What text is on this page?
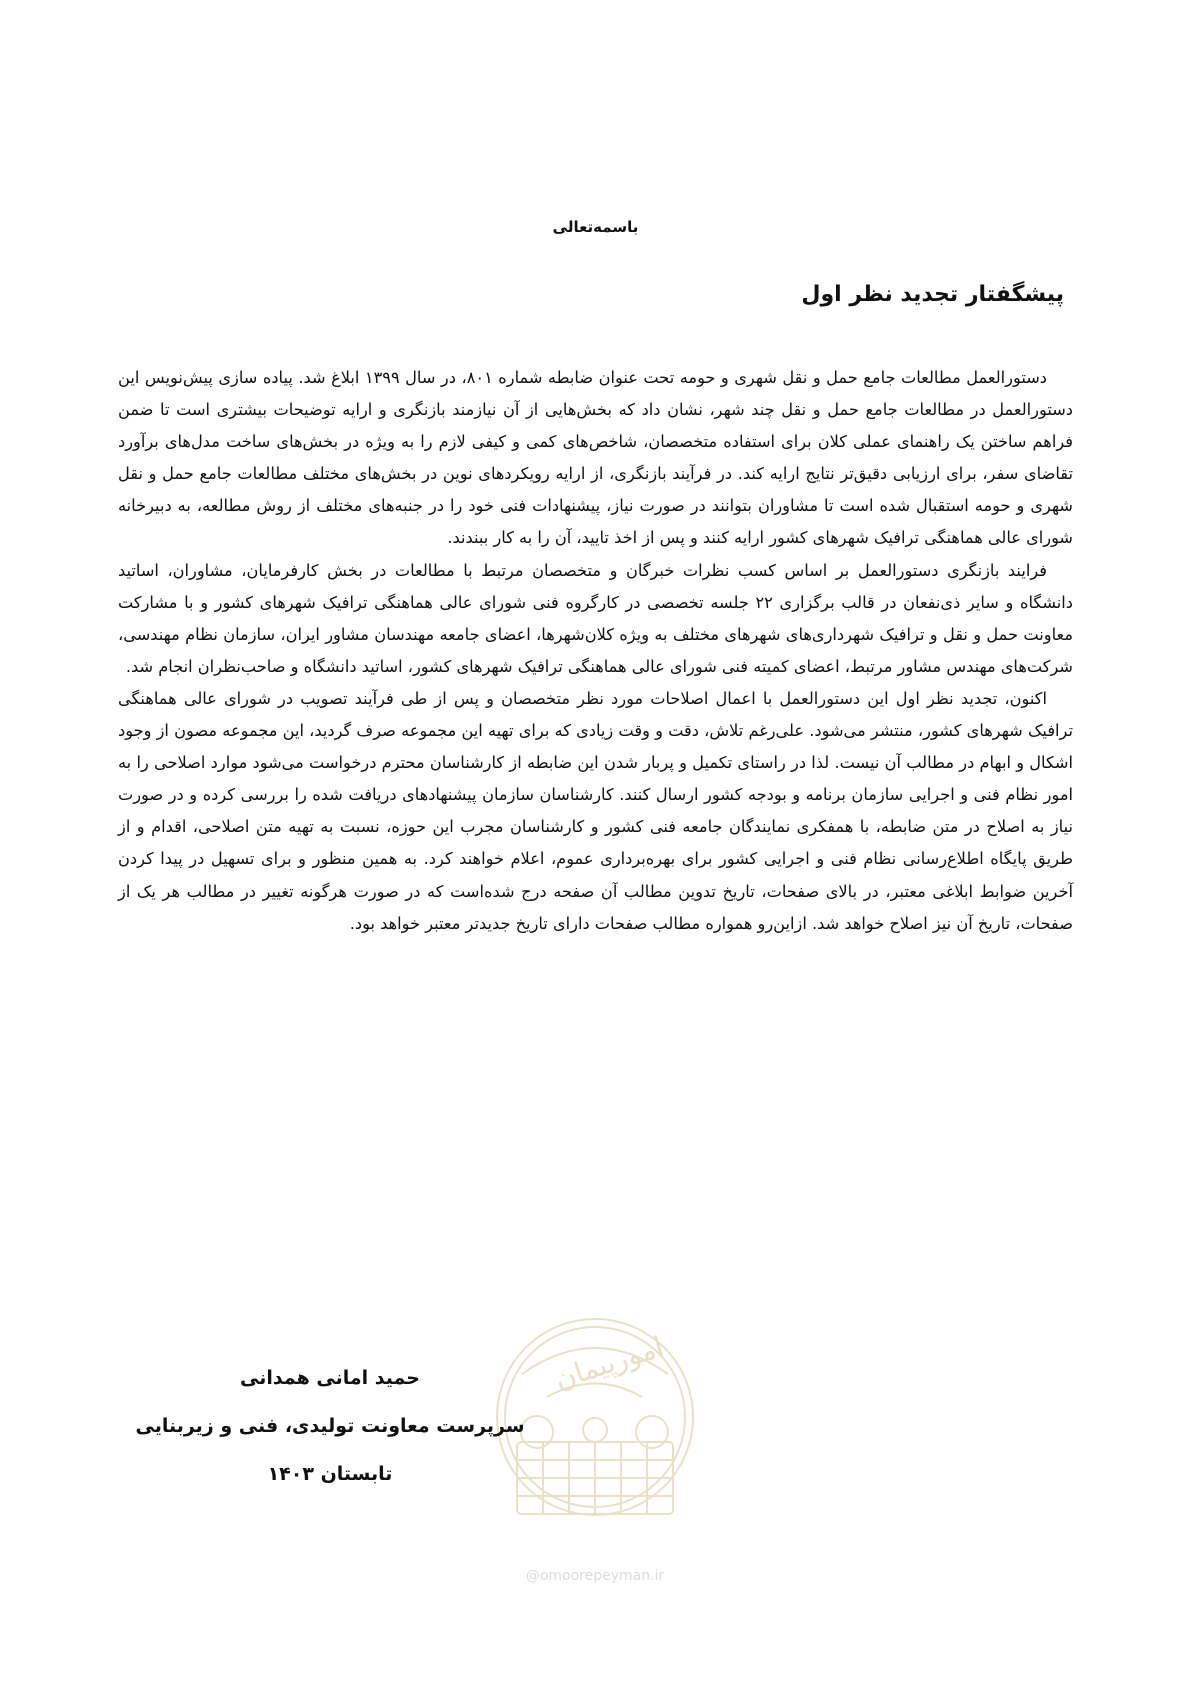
باسمه‌تعالی
پیشگفتار تجدید نظر اول

دستورالعمل مطالعات جامع حمل و نقل شهری و حومه تحت عنوان ضابطه شماره ۸۰۱، در سال ۱۳۹۹ ابلاغ شد. پیاده سازی پیش‌نویس این دستورالعمل در مطالعات جامع حمل و نقل چند شهر، نشان داد که بخش‌هایی از آن نیازمند بازنگری و ارایه توضیحات بیشتری است تا ضمن فراهم ساختن یک راهنمای عملی کلان برای استفاده متخصصان، شاخص‌های کمی و کیفی لازم را به ویژه در بخش‌های ساخت مدل‌های برآورد تقاضای سفر، برای ارزیابی دقیق‌تر نتایج ارایه کند. در فرآیند بازنگری، از ارایه رویکردهای نوین در بخش‌های مختلف مطالعات جامع حمل و نقل شهری و حومه استقبال شده است تا مشاوران بتوانند در صورت نیاز، پیشنهادات فنی خود را در جنبه‌های مختلف از روش مطالعه، به دبیرخانه شورای عالی هماهنگی ترافیک شهرهای کشور ارایه کنند و پس از اخذ تایید، آن را به کار ببندند.

فرایند بازنگری دستورالعمل بر اساس کسب نظرات خبرگان و متخصصان مرتبط با مطالعات در بخش کارفرمایان، مشاوران، اساتید دانشگاه و سایر ذی‌نفعان در قالب برگزاری ۲۲ جلسه تخصصی در کارگروه فنی شورای عالی هماهنگی ترافیک شهرهای کشور و با مشارکت معاونت حمل و نقل و ترافیک شهرداری‌های شهرهای مختلف به ویژه کلان‌شهرها، اعضای جامعه مهندسان مشاور ایران، سازمان نظام مهندسی، شرکت‌های مهندس مشاور مرتبط، اعضای کمیته فنی شورای عالی هماهنگی ترافیک شهرهای کشور، اساتید دانشگاه و صاحب‌نظران انجام شد.

اکنون، تجدید نظر اول این دستورالعمل با اعمال اصلاحات مورد نظر متخصصان و پس از طی فرآیند تصویب در شورای عالی هماهنگی ترافیک شهرهای کشور، منتشر می‌شود. علی‌رغم تلاش، دقت و وقت زیادی که برای تهیه این مجموعه صرف گردید، این مجموعه مصون از وجود اشکال و ابهام در مطالب آن نیست. لذا در راستای تکمیل و پربار شدن این ضابطه از کارشناسان محترم درخواست می‌شود موارد اصلاحی را به امور نظام فنی و اجرایی سازمان برنامه و بودجه کشور ارسال کنند. کارشناسان سازمان پیشنهادهای دریافت شده را بررسی کرده و در صورت نیاز به اصلاح در متن ضابطه، با همفکری نمایندگان جامعه فنی کشور و کارشناسان مجرب این حوزه، نسبت به تهیه متن اصلاحی، اقدام و از طریق پایگاه اطلاع‌رسانی نظام فنی و اجرایی کشور برای بهره‌برداری عموم، اعلام خواهند کرد. به همین منظور و برای تسهیل در پیدا کردن آخرین ضوابط ابلاغی معتبر، در بالای صفحات، تاریخ تدوین مطالب آن صفحه درج شده‌است که در صورت هرگونه تغییر در مطالب هر یک از صفحات، تاریخ آن نیز اصلاح خواهد شد. ازاین‌رو همواره مطالب صفحات دارای تاریخ جدیدتر معتبر خواهد بود.

امورپیمان
@omoorepeyman.ir
حمید امانی همدانی
سرپرست معاونت تولیدی، فنی و زیربنایی
تابستان ۱۴۰۳
